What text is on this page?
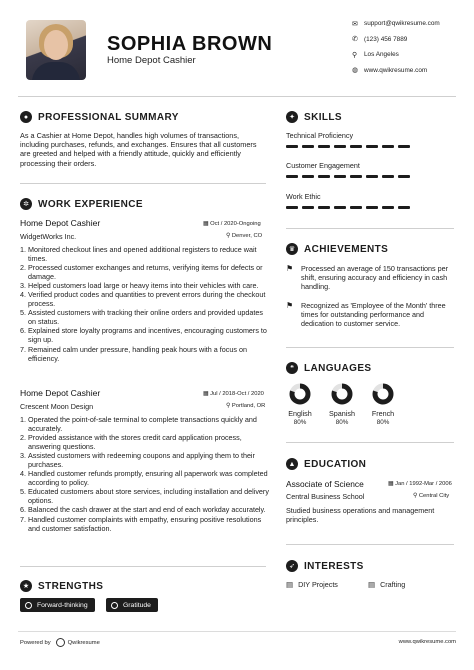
SOPHIA BROWN
Home Depot Cashier
✉ support@qwikresume.com
✆ (123) 456 7889
⚲	Los Angeles
◍ www.qwikresume.com
● PROFESSIONAL SUMMARY
As a Cashier at Home Depot, handles high volumes of transactions, including purchases, refunds, and exchanges. Ensures that all customers are greeted and helped with a friendly attitude, quickly and efficiently processing their orders.
✲ WORK EXPERIENCE
Home Depot Cashier	▦ Oct / 2020-Ongoing
WidgetWorks Inc.	⚲ Denver, CO
1. Monitored checkout lines and opened additional registers to reduce wait times.
2. Processed customer exchanges and returns, verifying items for defects or damage.
3. Helped customers load large or heavy items into their vehicles with care.
4. Verified product codes and quantities to prevent errors during the checkout process.
5. Assisted customers with tracking their online orders and provided updates on status.
6. Explained store loyalty programs and incentives, encouraging customers to sign up.
7. Remained calm under pressure, handling peak hours with a focus on efficiency.
Home Depot Cashier	▦ Jul / 2018-Oct / 2020
Crescent Moon Design	⚲ Portland, OR
1. Operated the point-of-sale terminal to complete transactions quickly and accurately.
2. Provided assistance with the stores credit card application process, answering questions.
3. Assisted customers with redeeming coupons and applying them to their purchases.
4. Handled customer refunds promptly, ensuring all paperwork was completed according to policy.
5. Educated customers about store services, including installation and delivery options.
6. Balanced the cash drawer at the start and end of each workday accurately.
7. Handled customer complaints with empathy, ensuring positive resolutions and customer satisfaction.
★ STRENGTHS
Forward-thinking	Gratitude
✦ SKILLS
Technical Proficiency
Customer Engagement
Work Ethic
♛ ACHIEVEMENTS
⚑ Processed an average of 150 transactions per shift, ensuring accuracy and efficiency in cash handling.
⚑ Recognized as 'Employee of the Month' three times for outstanding performance and dedication to customer service.
❝	LANGUAGES
English
80%
Spanish
80%
French
80%
▲ EDUCATION
Associate of Science	▦ Jan / 1992-Mar / 2006
Central Business School	⚲ Central City
Studied business operations and management principles.
➶ INTERESTS
▤ DIY Projects	▤ Crafting
Powered by	Qwikresume	www.qwikresume.com
